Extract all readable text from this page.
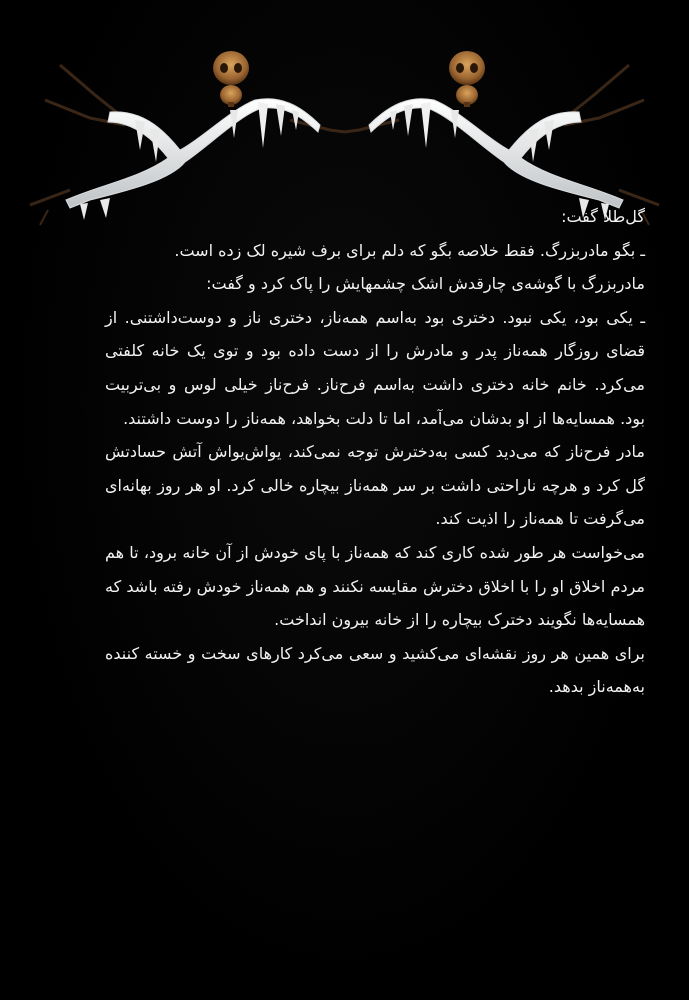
گل‌طلا گفت:

ـ بگو مادربزرگ. فقط خلاصه بگو که دلم برای برف شیره لک زده است.

مادربزرگ با گوشه‌ی چارقدش اشک چشمهایش را پاک کرد و گفت:

ـ یکی بود، یکی نبود. دختری بود به‌اسم همه‌ناز، دختری ناز و دوست‌داشتنی. از قضای روزگار همه‌ناز پدر و مادرش را از دست داده بود و توی یک خانه کلفتی می‌کرد. خانم خانه دختری داشت به‌اسم فرح‌ناز. فرح‌ناز خیلی لوس و بی‌تربیت بود. همسایه‌ها از او بدشان می‌آمد، اما تا دلت بخواهد، همه‌ناز را دوست داشتند.

مادر فرح‌ناز که می‌دید کسی به‌دخترش توجه نمی‌کند، یواش‌یواش آتش حسادتش گل کرد و هرچه ناراحتی داشت بر سر همه‌ناز بیچاره خالی کرد. او هر روز بهانه‌ای می‌گرفت تا همه‌ناز را اذیت کند.

می‌خواست هر طور شده کاری کند که همه‌ناز با پای خودش از آن خانه برود، تا هم مردم اخلاق او را با اخلاق دخترش مقایسه نکنند و هم همه‌ناز خودش رفته باشد که همسایه‌ها نگویند دخترک بیچاره را از خانه بیرون انداخت.

برای همین هر روز نقشه‌ای می‌کشید و سعی می‌کرد کارهای سخت و خسته کننده به‌همه‌ناز بدهد.
